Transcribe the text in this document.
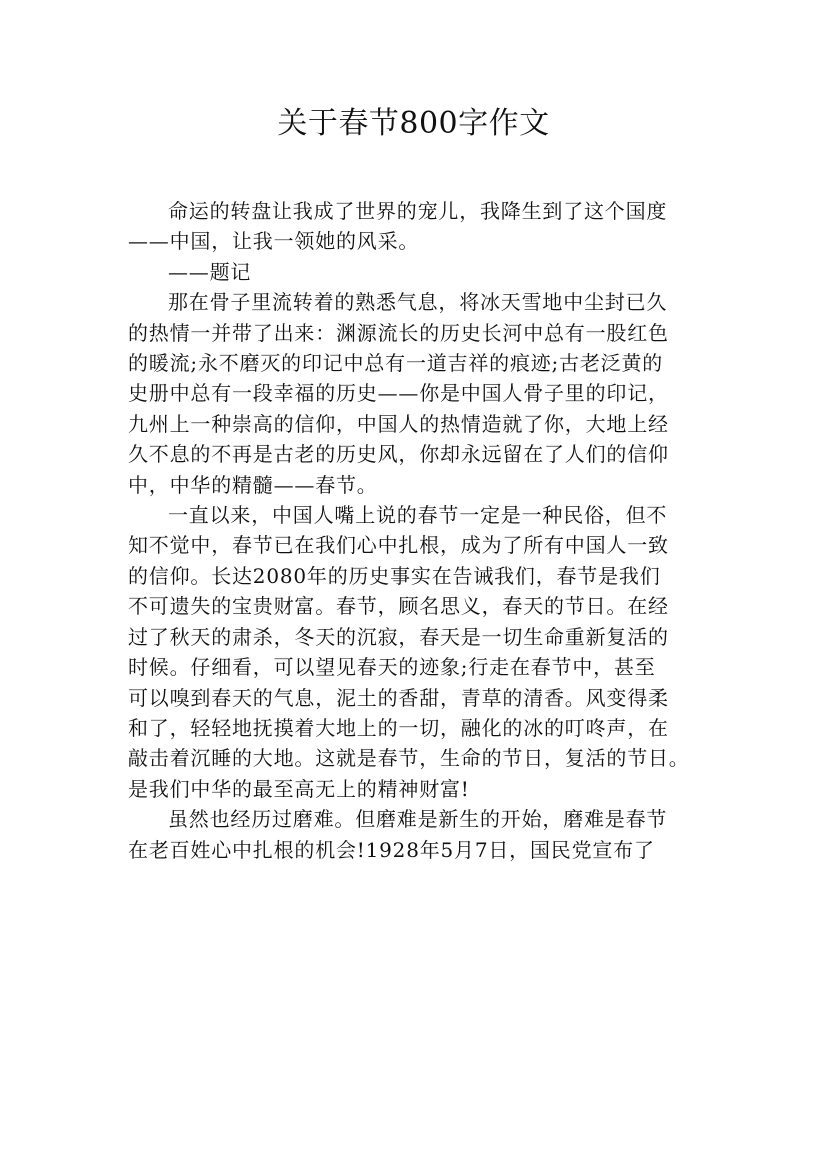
关于春节800字作文

命运的转盘让我成了世界的宠儿，我降生到了这个国度
——中国，让我一领她的风采。

——题记

那在骨子里流转着的熟悉气息，将冰天雪地中尘封已久
的热情一并带了出来：渊源流长的历史长河中总有一股红色
的暖流;永不磨灭的印记中总有一道吉祥的痕迹;古老泛黄的
史册中总有一段幸福的历史——你是中国人骨子里的印记，
九州上一种崇高的信仰，中国人的热情造就了你，大地上经
久不息的不再是古老的历史风，你却永远留在了人们的信仰
中，中华的精髓——春节。

一直以来，中国人嘴上说的春节一定是一种民俗，但不
知不觉中，春节已在我们心中扎根，成为了所有中国人一致
的信仰。长达2080年的历史事实在告诫我们，春节是我们
不可遗失的宝贵财富。春节，顾名思义，春天的节日。在经
过了秋天的肃杀，冬天的沉寂，春天是一切生命重新复活的
时候。仔细看，可以望见春天的迹象;行走在春节中，甚至
可以嗅到春天的气息，泥土的香甜，青草的清香。风变得柔
和了，轻轻地抚摸着大地上的一切，融化的冰的叮咚声，在
敲击着沉睡的大地。这就是春节，生命的节日，复活的节日。
是我们中华的最至高无上的精神财富!

虽然也经历过磨难。但磨难是新生的开始，磨难是春节
在老百姓心中扎根的机会!1928年5月7日，国民党宣布了
